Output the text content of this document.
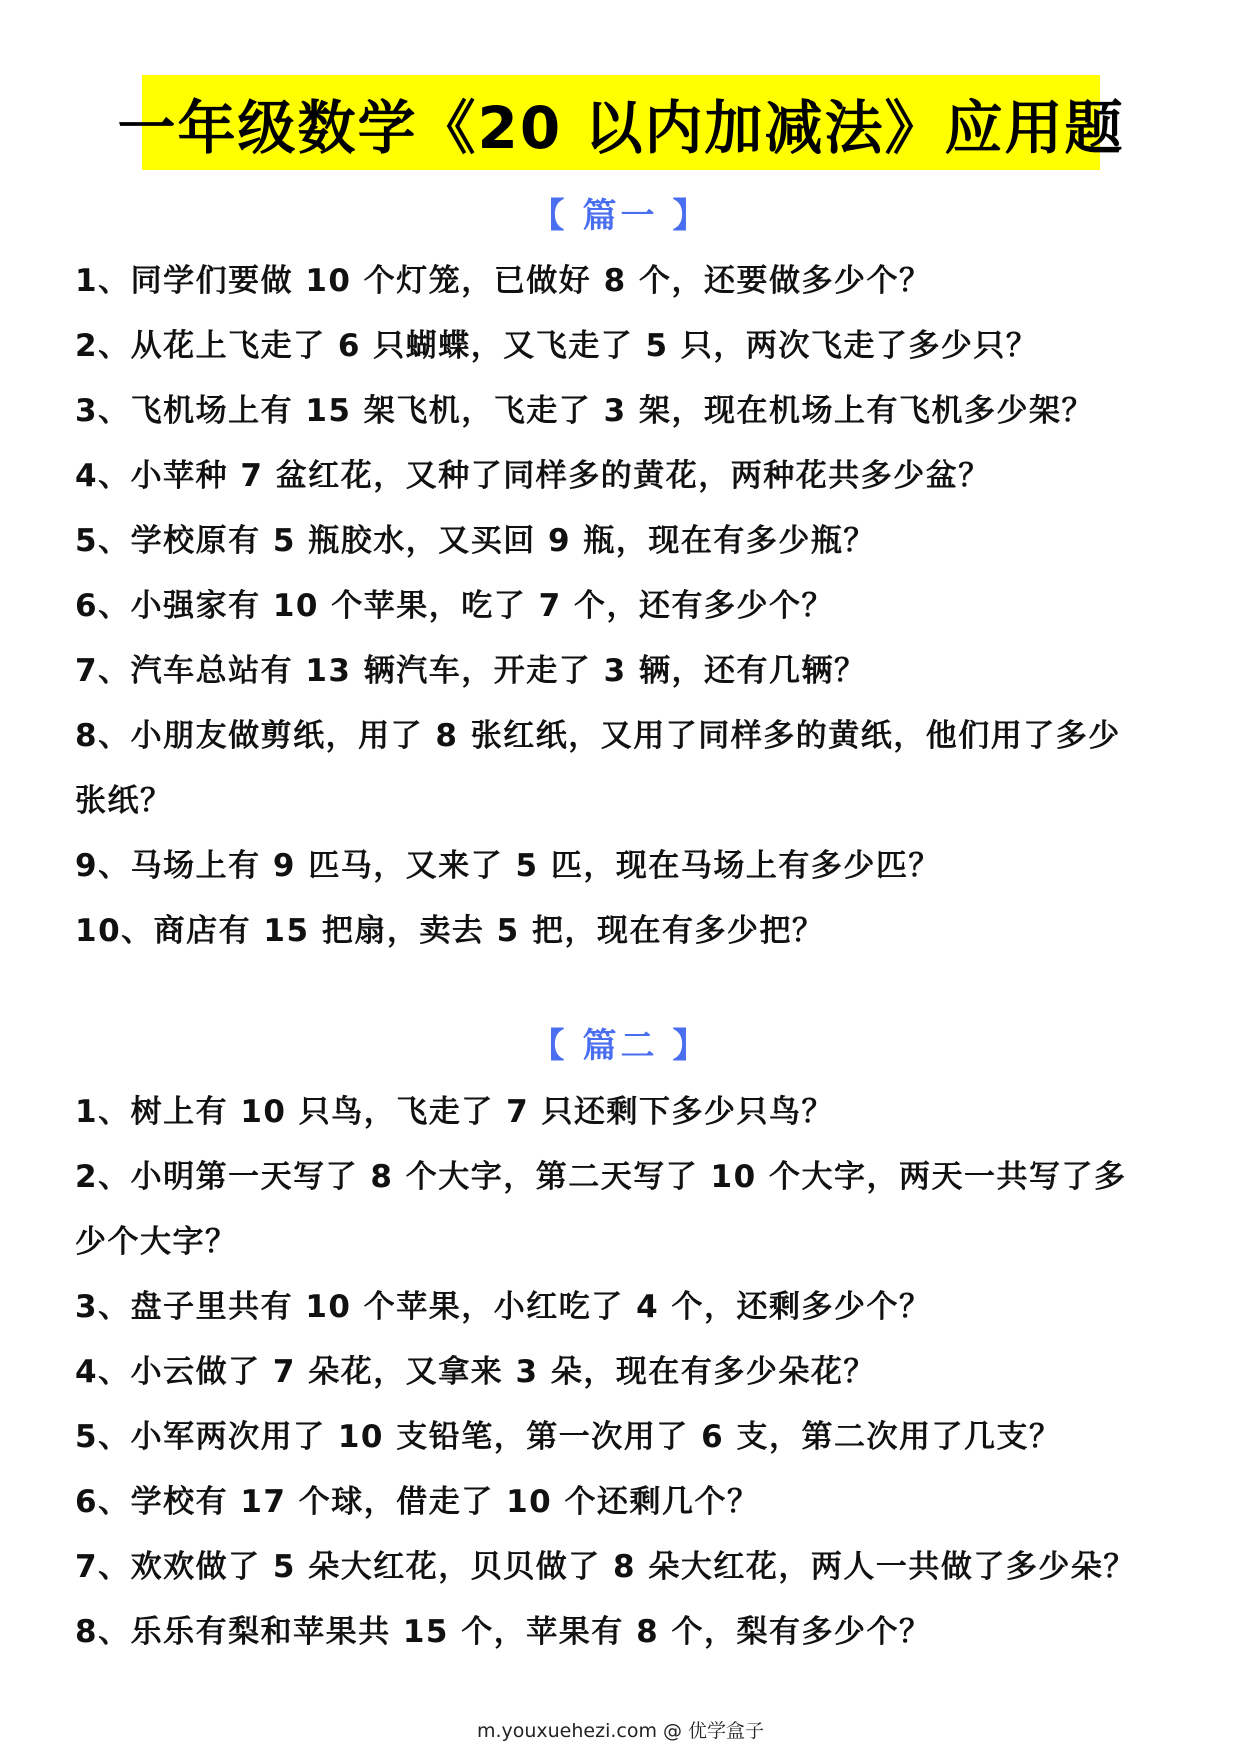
一年级数学《20 以内加减法》应用题
【 篇一 】
1、同学们要做 10 个灯笼，已做好 8 个，还要做多少个？
2、从花上飞走了 6 只蝴蝶，又飞走了 5 只，两次飞走了多少只？
3、飞机场上有 15 架飞机，飞走了 3 架，现在机场上有飞机多少架？
4、小苹种 7 盆红花，又种了同样多的黄花，两种花共多少盆？
5、学校原有 5 瓶胶水，又买回 9 瓶，现在有多少瓶？
6、小强家有 10 个苹果，吃了 7 个，还有多少个？
7、汽车总站有 13 辆汽车，开走了 3 辆，还有几辆？
8、小朋友做剪纸，用了 8 张红纸，又用了同样多的黄纸，他们用了多少
张纸？
9、马场上有 9 匹马，又来了 5 匹，现在马场上有多少匹？
10、商店有 15 把扇，卖去 5 把，现在有多少把？
【 篇二 】
1、树上有 10 只鸟，飞走了 7 只还剩下多少只鸟？
2、小明第一天写了 8 个大字，第二天写了 10 个大字，两天一共写了多
少个大字？
3、盘子里共有 10 个苹果，小红吃了 4 个，还剩多少个？
4、小云做了 7 朵花，又拿来 3 朵，现在有多少朵花？
5、小军两次用了 10 支铅笔，第一次用了 6 支，第二次用了几支？
6、学校有 17 个球，借走了 10 个还剩几个？
7、欢欢做了 5 朵大红花，贝贝做了 8 朵大红花，两人一共做了多少朵？
8、乐乐有梨和苹果共 15 个，苹果有 8 个，梨有多少个？
m.youxuehezi.com @ 优学盒子
